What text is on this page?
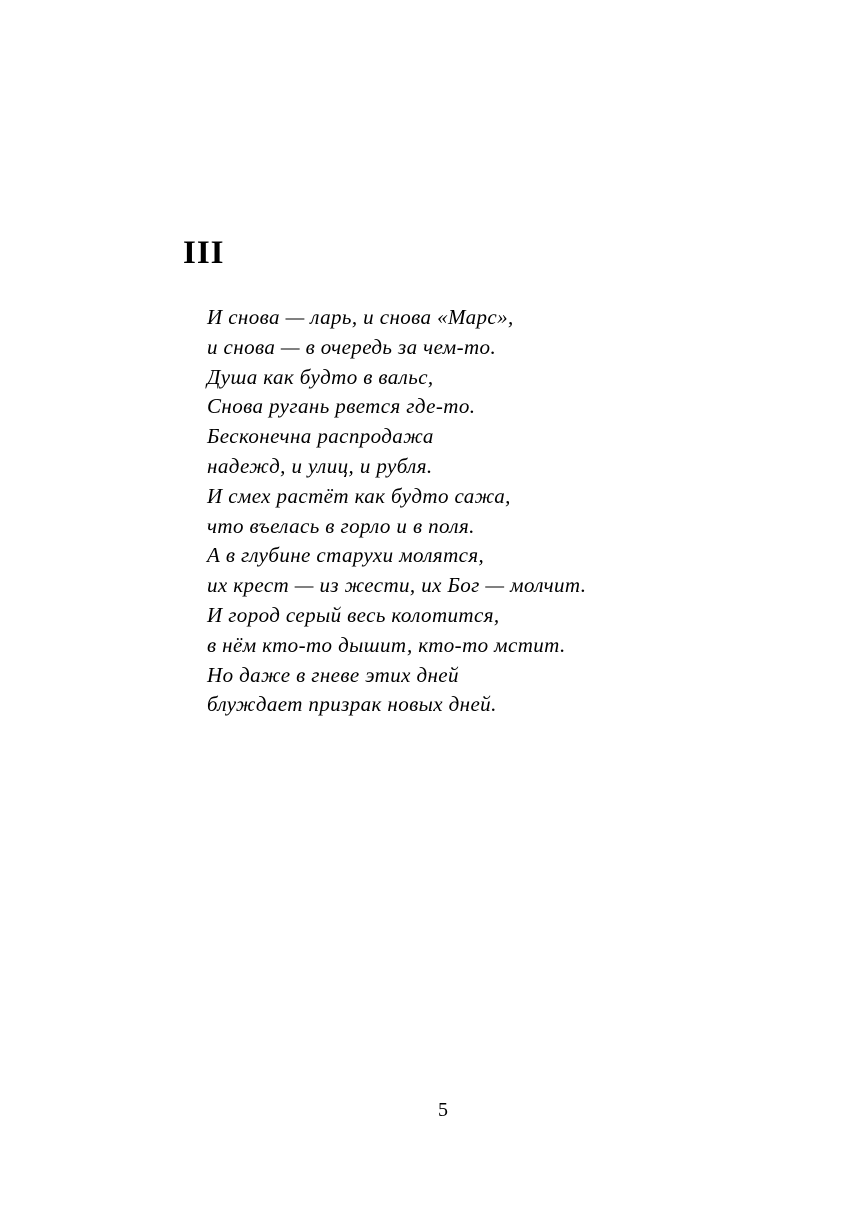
III
И снова — ларь, и снова «Марс»,
и снова — в очередь за чем-то.
Душа как будто в вальс,
Снова ругань рвется где-то.
Бесконечна распродажа
надежд, и улиц, и рубля.
И смех растёт как будто сажа,
что въелась в горло и в поля.
А в глубине старухи молятся,
их крест — из жести, их Бог — молчит.
И город серый весь колотится,
в нём кто-то дышит, кто-то мстит.
Но даже в гневе этих дней
блуждает призрак новых дней.
5
